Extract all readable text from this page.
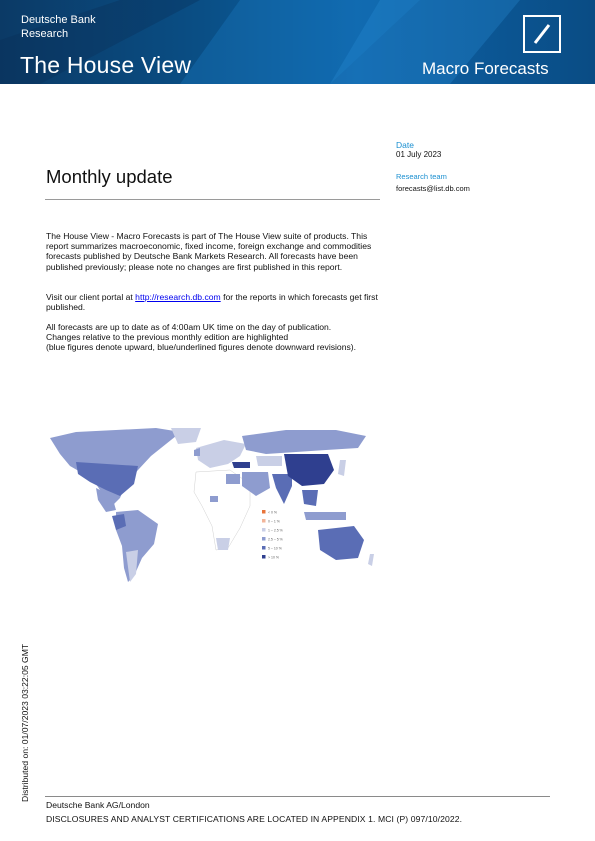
Deutsche Bank
Research
The House View	Macro Forecasts
Date
01 July 2023
Research team
forecasts@list.db.com
Monthly update

The House View - Macro Forecasts is part of The House View suite of products. This report summarizes macroeconomic, fixed income, foreign exchange and commodities forecasts published by Deutsche Bank Markets Research. All forecasts have been published previously; please note no changes are first published in this report.

Visit our client portal at http://research.db.com for the reports in which forecasts get first published.

All forecasts are up to date as of 4:00am UK time on the day of publication.
Changes relative to the previous monthly edition are highlighted
(blue figures denote upward, blue/underlined figures denote downward revisions).
< 0 %
0 – 1 %
1 – 2.5 %
2.5 – 5 %
5 – 10 %
> 10 %
Distributed on: 01/07/2023 03:22:05 GMT
Deutsche Bank AG/London
DISCLOSURES AND ANALYST CERTIFICATIONS ARE LOCATED IN APPENDIX 1. MCI (P) 097/10/2022.
